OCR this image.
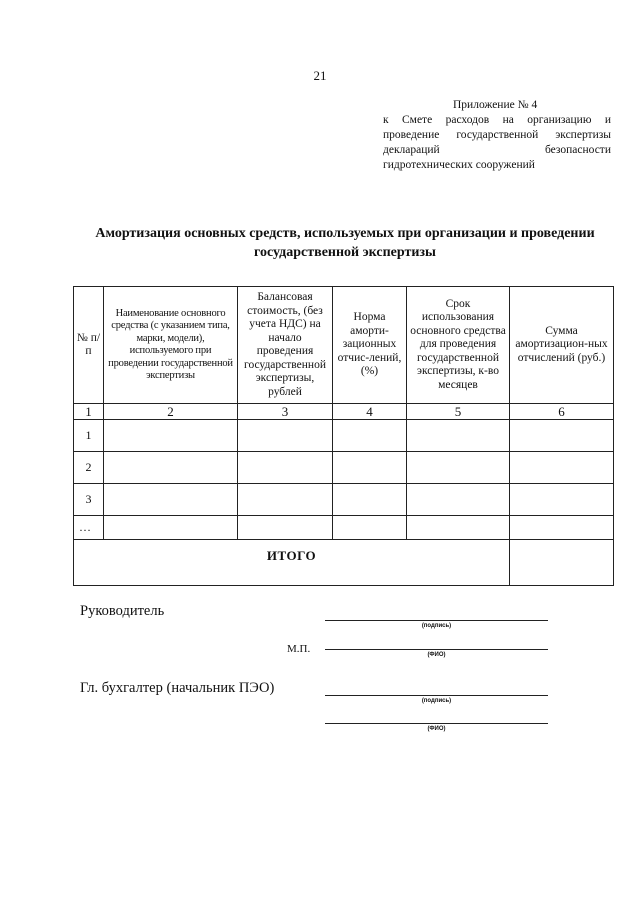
21
Приложение № 4
к Смете расходов на организацию и
проведение государственной экспертизы
деклараций безопасности
гидротехнических сооружений
Амортизация основных средств, используемых при организации и проведении
государственной экспертизы
№ п/п	Наименование основного средства (с указанием типа, марки, модели), используемого при проведении государственной экспертизы	Балансовая стоимость, (без учета НДС) на начало проведения государственной экспертизы, рублей	Норма аморти-зационных отчис-лений, (%)	Срок использования основного средства для проведения государственной экспертизы, к-во месяцев	Сумма амортизацион-ных отчислений (руб.)
1	2	3	4	5	6
1					
2					
3					
…					
ИТОГО					
Руководитель
(подпись)
М.П.	(ФИО)
Гл. бухгалтер (начальник ПЭО)
(подпись)
(ФИО)
